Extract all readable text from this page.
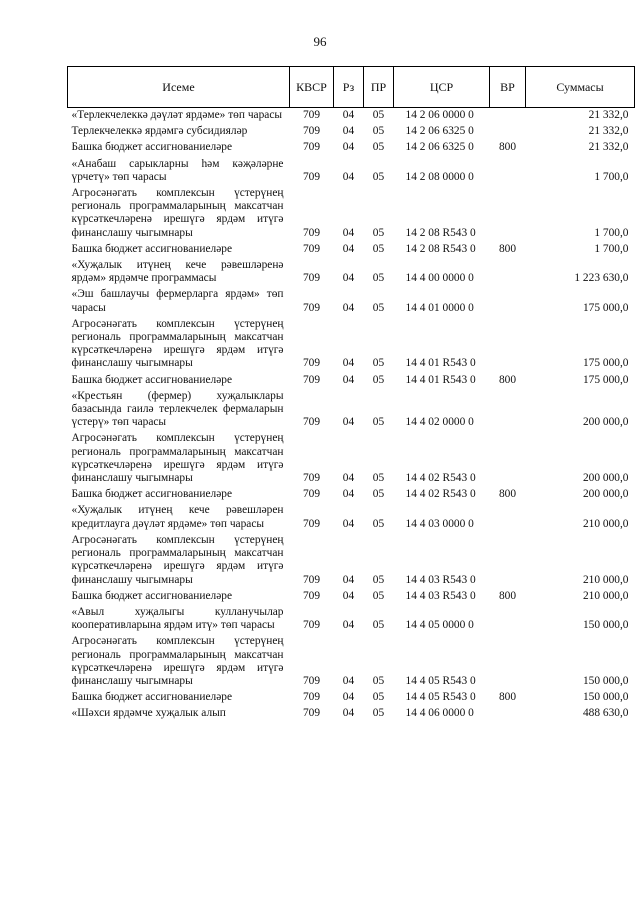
96
Исеме	КВСР	Рз	ПР	ЦСР	ВР	Суммасы
«Терлекчелеккә дәүләт ярдәме» төп чарасы	709	04	05	14 2 06 0000 0		21 332,0
Терлекчелеккә ярдәмгә субсидияләр	709	04	05	14 2 06 6325 0		21 332,0
Башка бюджет ассигнованиеләре	709	04	05	14 2 06 6325 0	800	21 332,0
«Анабаш сарыкларны һәм кәҗәләрне үрчетү» төп чарасы	709	04	05	14 2 08 0000 0		1 700,0
Агросәнәгать комплексын үстерүнең региональ программаларының максатчан күрсәткечләренә ирешүгә ярдәм итүгә финанслашу чыгымнары	709	04	05	14 2 08 R543 0		1 700,0
Башка бюджет ассигнованиеләре	709	04	05	14 2 08 R543 0	800	1 700,0
«Хуҗалык итүнең кече рәвешләренә ярдәм» ярдәмче программасы	709	04	05	14 4 00 0000 0		1 223 630,0
«Эш башлаучы фермерларга ярдәм» төп чарасы	709	04	05	14 4 01 0000 0		175 000,0
Агросәнәгать комплексын үстерүнең региональ программаларының максатчан күрсәткечләренә ирешүгә ярдәм итүгә финанслашу чыгымнары	709	04	05	14 4 01 R543 0		175 000,0
Башка бюджет ассигнованиеләре	709	04	05	14 4 01 R543 0	800	175 000,0
«Крестьян (фермер) хуҗалыклары базасында гаилә терлекчелек фермаларын үстерү» төп чарасы	709	04	05	14 4 02 0000 0		200 000,0
Агросәнәгать комплексын үстерүнең региональ программаларының максатчан күрсәткечләренә ирешүгә ярдәм итүгә финанслашу чыгымнары	709	04	05	14 4 02 R543 0		200 000,0
Башка бюджет ассигнованиеләре	709	04	05	14 4 02 R543 0	800	200 000,0
«Хуҗалык итүнең кече рәвешләрен кредитлауга дәүләт ярдәме» төп чарасы	709	04	05	14 4 03 0000 0		210 000,0
Агросәнәгать комплексын үстерүнең региональ программаларының максатчан күрсәткечләренә ирешүгә ярдәм итүгә финанслашу чыгымнары	709	04	05	14 4 03 R543 0		210 000,0
Башка бюджет ассигнованиеләре	709	04	05	14 4 03 R543 0	800	210 000,0
«Авыл хуҗалыгы кулланучылар кооперативларына ярдәм итү» төп чарасы	709	04	05	14 4 05 0000 0		150 000,0
Агросәнәгать комплексын үстерүнең региональ программаларының максатчан күрсәткечләренә ирешүгә ярдәм итүгә финанслашу чыгымнары	709	04	05	14 4 05 R543 0		150 000,0
Башка бюджет ассигнованиеләре	709	04	05	14 4 05 R543 0	800	150 000,0
«Шәхси ярдәмче хуҗалык алып	709	04	05	14 4 06 0000 0		488 630,0
